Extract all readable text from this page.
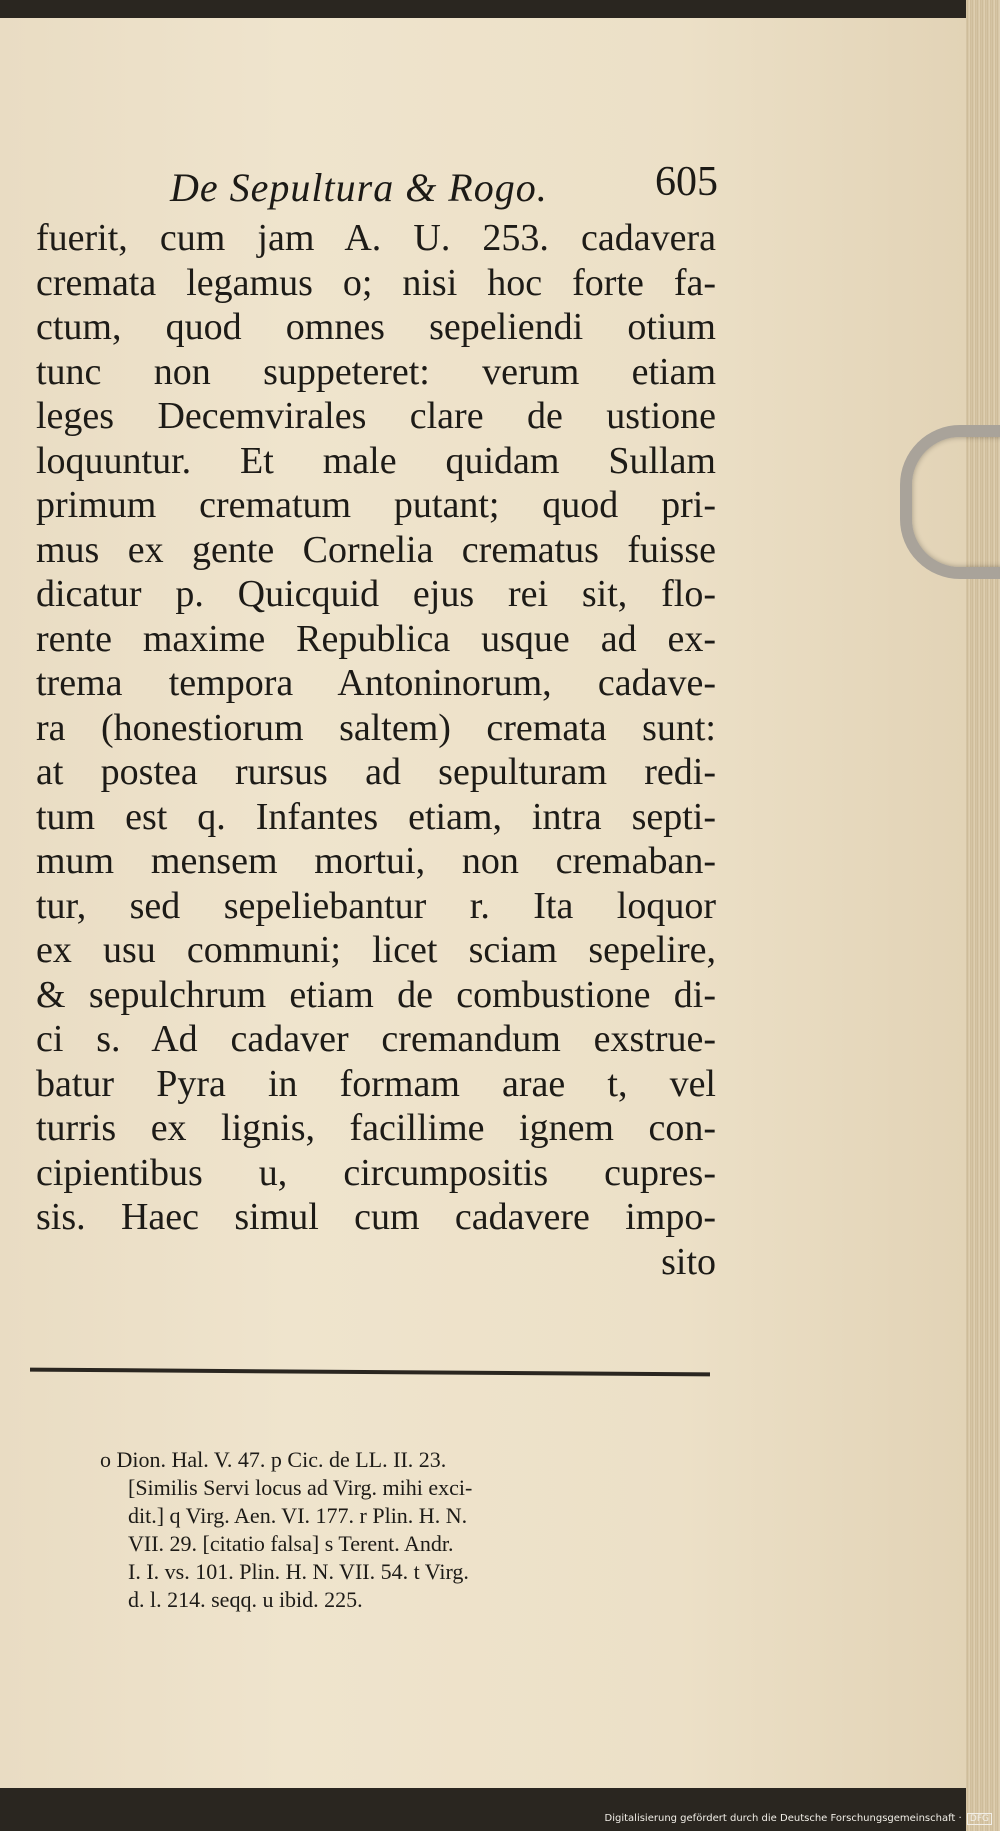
De Sepultura & Rogo.	605
fuerit, cum jam A. U. 253. cadavera
cremata legamus o; nisi hoc forte fa-
ctum, quod omnes sepeliendi otium
tunc non suppeteret: verum etiam
leges Decemvirales clare de ustione
loquuntur. Et male quidam Sullam
primum crematum putant; quod pri-
mus ex gente Cornelia crematus fuisse
dicatur p. Quicquid ejus rei sit, flo-
rente maxime Republica usque ad ex-
trema tempora Antoninorum, cadave-
ra (honestiorum saltem) cremata sunt:
at postea rursus ad sepulturam redi-
tum est q. Infantes etiam, intra septi-
mum mensem mortui, non cremaban-
tur, sed sepeliebantur r. Ita loquor
ex usu communi; licet sciam sepelire,
& sepulchrum etiam de combustione di-
ci s. Ad cadaver cremandum exstrue-
batur Pyra in formam arae t, vel
turris ex lignis, facillime ignem con-
cipientibus u, circumpositis cupres-
sis. Haec simul cum cadavere impo-
sito
o Dion. Hal. V. 47. p Cic. de LL. II. 23.
[Similis Servi locus ad Virg. mihi exci-
dit.] q Virg. Aen. VI. 177. r Plin. H. N.
VII. 29. [citatio falsa] s Terent. Andr.
I. I. vs. 101. Plin. H. N. VII. 54. t Virg.
d. l. 214. seqq. u ibid. 225.
Digitalisierung gefördert durch die Deutsche Forschungsgemeinschaft · DFG
